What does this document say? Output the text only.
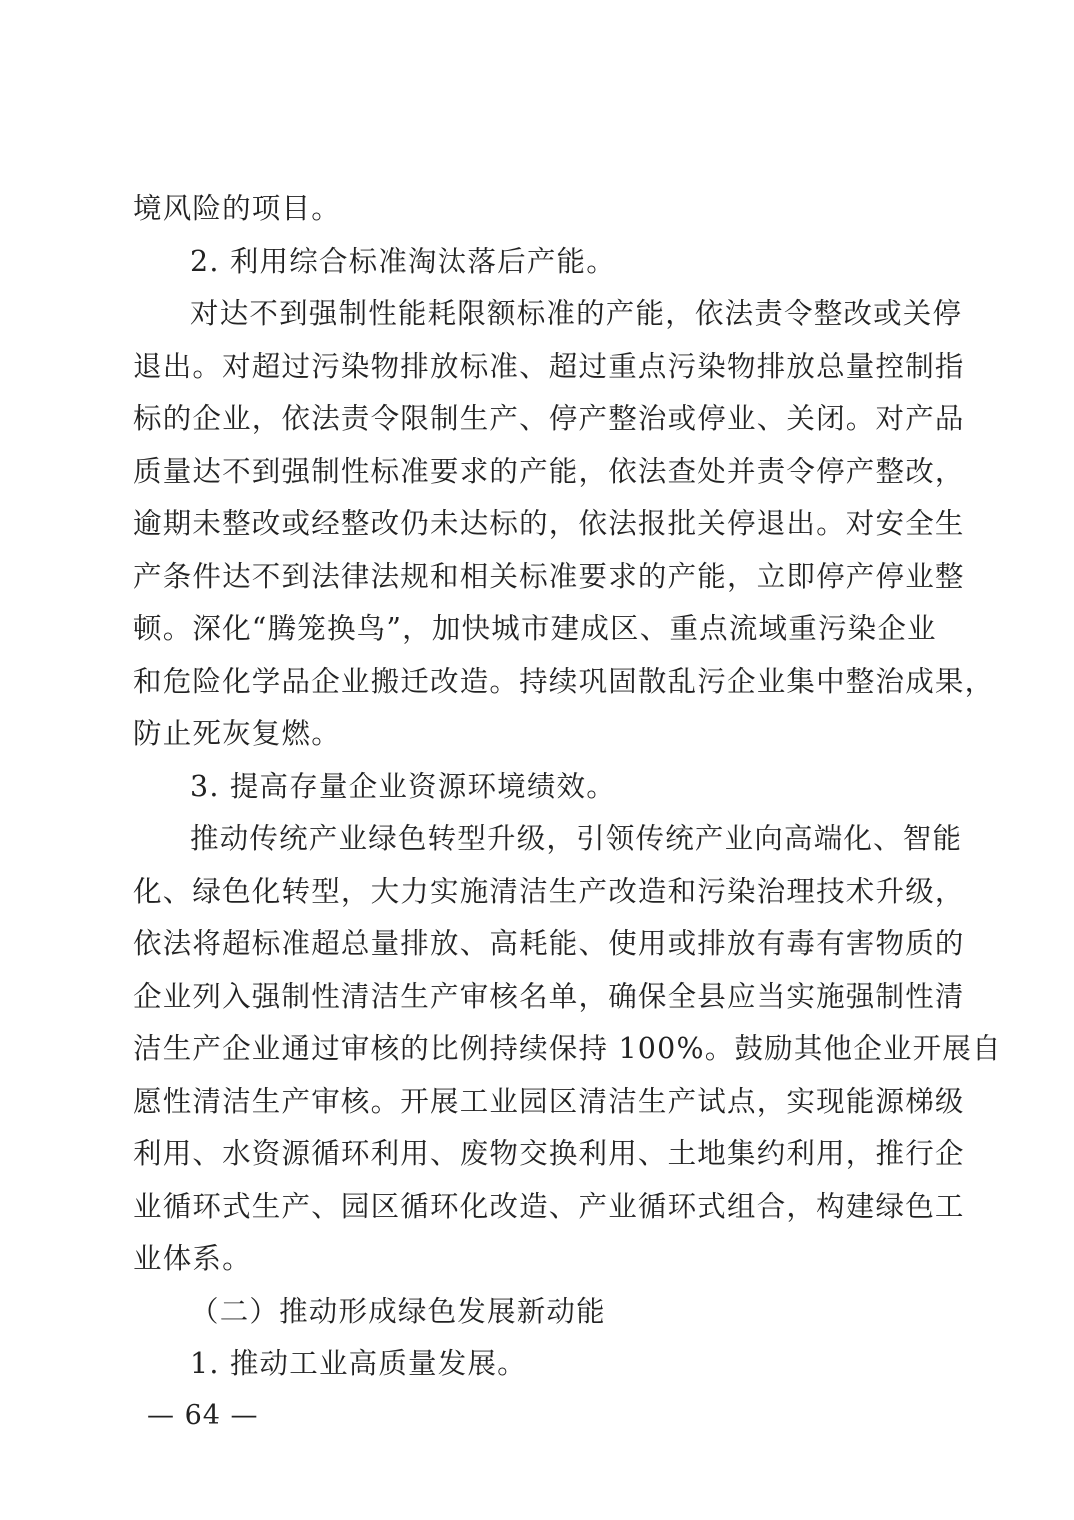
境风险的项目。
2. 利用综合标准淘汰落后产能。
对达不到强制性能耗限额标准的产能，依法责令整改或关停
退出。对超过污染物排放标准、超过重点污染物排放总量控制指
标的企业，依法责令限制生产、停产整治或停业、关闭。对产品
质量达不到强制性标准要求的产能，依法查处并责令停产整改，
逾期未整改或经整改仍未达标的，依法报批关停退出。对安全生
产条件达不到法律法规和相关标准要求的产能，立即停产停业整
顿。深化“腾笼换鸟”，加快城市建成区、重点流域重污染企业
和危险化学品企业搬迁改造。持续巩固散乱污企业集中整治成果，
防止死灰复燃。
3. 提高存量企业资源环境绩效。
推动传统产业绿色转型升级，引领传统产业向高端化、智能
化、绿色化转型，大力实施清洁生产改造和污染治理技术升级，
依法将超标准超总量排放、高耗能、使用或排放有毒有害物质的
企业列入强制性清洁生产审核名单，确保全县应当实施强制性清
洁生产企业通过审核的比例持续保持 100%。鼓励其他企业开展自
愿性清洁生产审核。开展工业园区清洁生产试点，实现能源梯级
利用、水资源循环利用、废物交换利用、土地集约利用，推行企
业循环式生产、园区循环化改造、产业循环式组合，构建绿色工
业体系。
（二）推动形成绿色发展新动能
1. 推动工业高质量发展。
— 64 —
